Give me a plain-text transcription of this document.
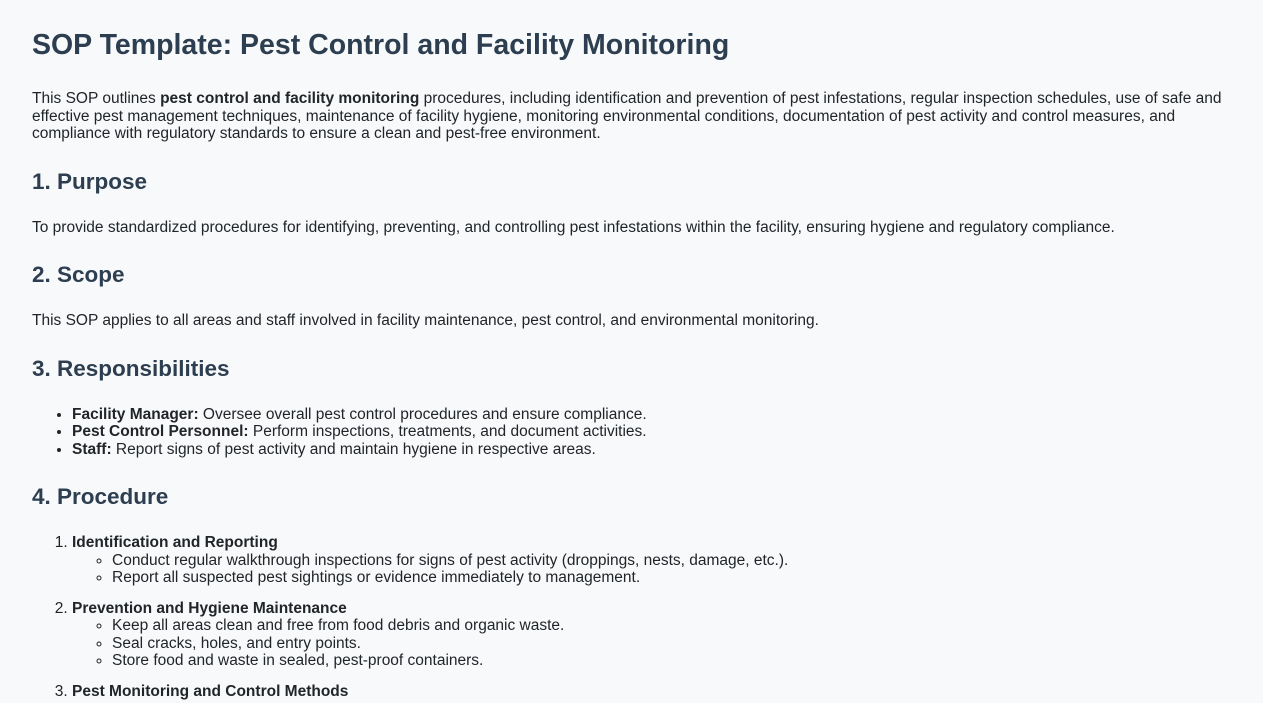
SOP Template: Pest Control and Facility Monitoring

This SOP outlines pest control and facility monitoring procedures, including identification and prevention of pest infestations, regular inspection schedules, use of safe and effective pest management techniques, maintenance of facility hygiene, monitoring environmental conditions, documentation of pest activity and control measures, and compliance with regulatory standards to ensure a clean and pest-free environment.

1. Purpose

To provide standardized procedures for identifying, preventing, and controlling pest infestations within the facility, ensuring hygiene and regulatory compliance.

2. Scope

This SOP applies to all areas and staff involved in facility maintenance, pest control, and environmental monitoring.

3. Responsibilities
• Facility Manager: Oversee overall pest control procedures and ensure compliance.
• Pest Control Personnel: Perform inspections, treatments, and document activities.
• Staff: Report signs of pest activity and maintain hygiene in respective areas.
4. Procedure
1. Identification and Reporting
◦ Conduct regular walkthrough inspections for signs of pest activity (droppings, nests, damage, etc.).
◦ Report all suspected pest sightings or evidence immediately to management.
2. Prevention and Hygiene Maintenance
◦ Keep all areas clean and free from food debris and organic waste.
◦ Seal cracks, holes, and entry points.
◦ Store food and waste in sealed, pest-proof containers.
3. Pest Monitoring and Control Methods
